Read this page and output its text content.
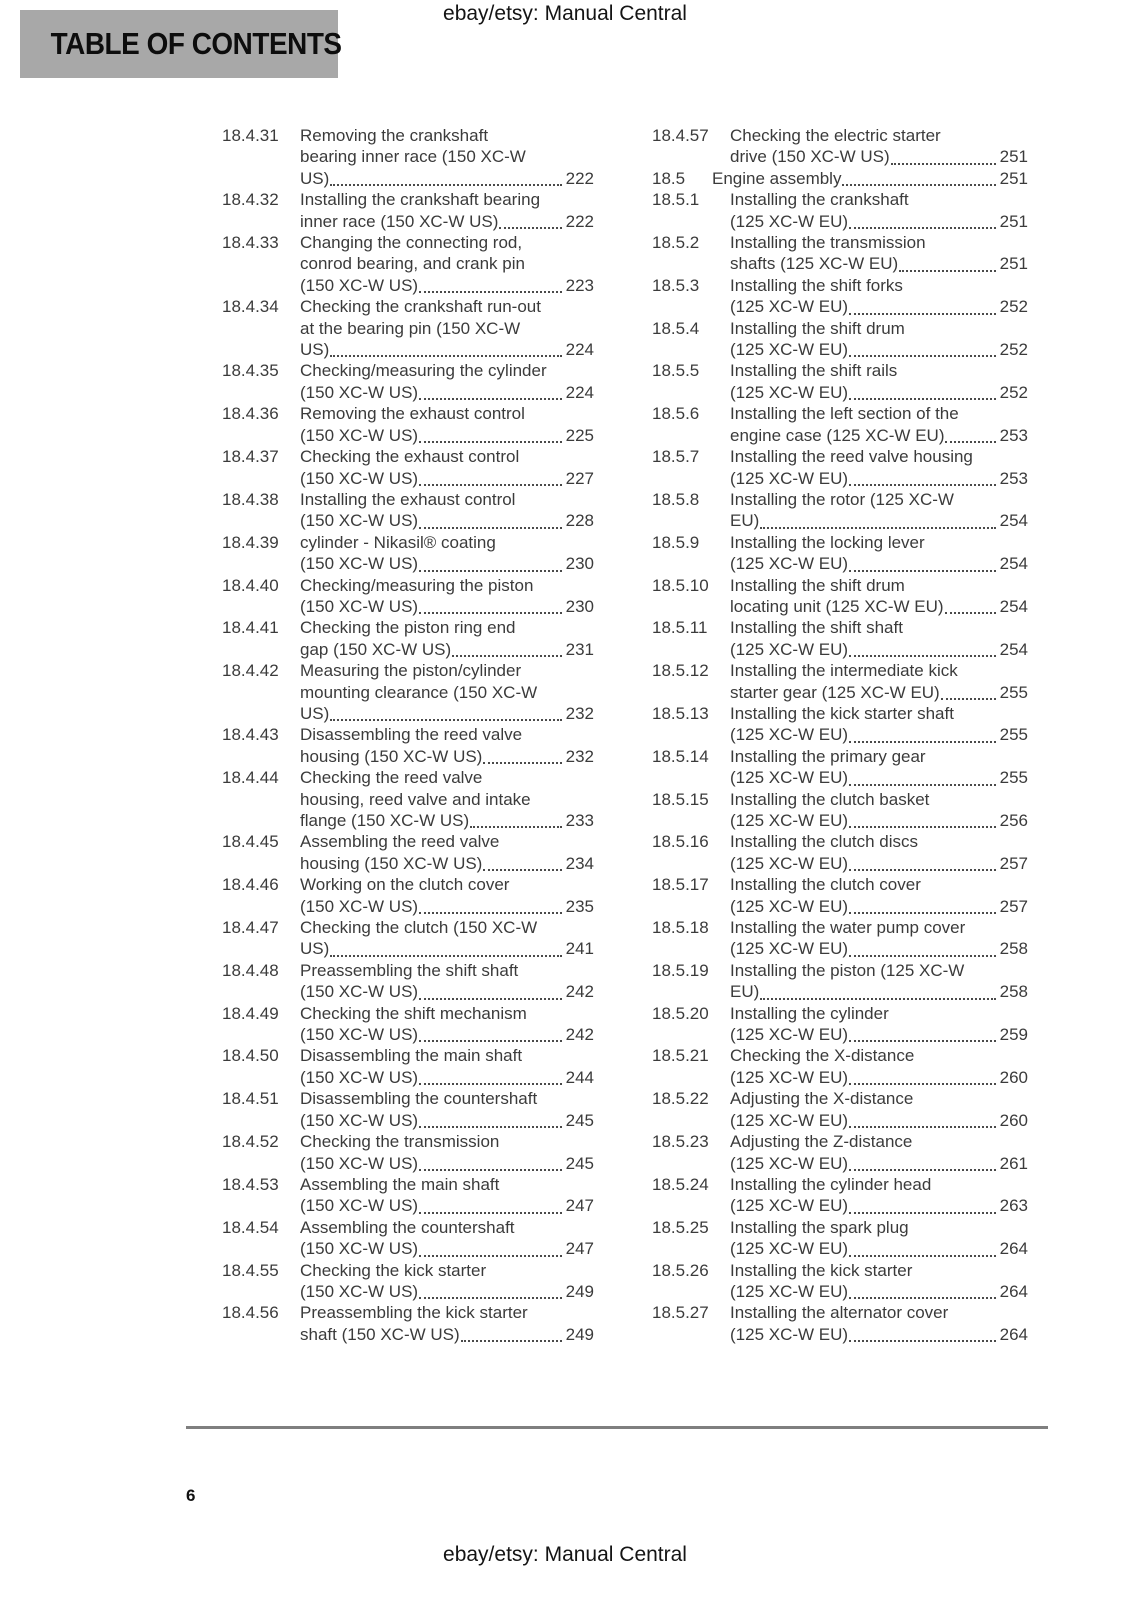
ebay/etsy: Manual Central
TABLE OF CONTENTS
18.4.31	Removing the crankshaft
bearing inner race (150 XC-W
US)	222
18.4.32	Installing the crankshaft bearing
inner race (150 XC-W US)	222
18.4.33	Changing the connecting rod,
conrod bearing, and crank pin
(150 XC-W US)	223
18.4.34	Checking the crankshaft run-out
at the bearing pin (150 XC-W
US)	224
18.4.35	Checking/measuring the cylinder
(150 XC-W US)	224
18.4.36	Removing the exhaust control
(150 XC-W US)	225
18.4.37	Checking the exhaust control
(150 XC-W US)	227
18.4.38	Installing the exhaust control
(150 XC-W US)	228
18.4.39	cylinder - Nikasil® coating
(150 XC-W US)	230
18.4.40	Checking/measuring the piston
(150 XC-W US)	230
18.4.41	Checking the piston ring end
gap (150 XC-W US)	231
18.4.42	Measuring the piston/cylinder
mounting clearance (150 XC-W
US)	232
18.4.43	Disassembling the reed valve
housing (150 XC-W US)	232
18.4.44	Checking the reed valve
housing, reed valve and intake
flange (150 XC-W US)	233
18.4.45	Assembling the reed valve
housing (150 XC-W US)	234
18.4.46	Working on the clutch cover
(150 XC-W US)	235
18.4.47	Checking the clutch (150 XC-W
US)	241
18.4.48	Preassembling the shift shaft
(150 XC-W US)	242
18.4.49	Checking the shift mechanism
(150 XC-W US)	242
18.4.50	Disassembling the main shaft
(150 XC-W US)	244
18.4.51	Disassembling the countershaft
(150 XC-W US)	245
18.4.52	Checking the transmission
(150 XC-W US)	245
18.4.53	Assembling the main shaft
(150 XC-W US)	247
18.4.54	Assembling the countershaft
(150 XC-W US)	247
18.4.55	Checking the kick starter
(150 XC-W US)	249
18.4.56	Preassembling the kick starter
shaft (150 XC-W US)	249
18.4.57	Checking the electric starter
drive (150 XC-W US)	251
18.5	Engine assembly	251
18.5.1	Installing the crankshaft
(125 XC-W EU)	251
18.5.2	Installing the transmission
shafts (125 XC-W EU)	251
18.5.3	Installing the shift forks
(125 XC-W EU)	252
18.5.4	Installing the shift drum
(125 XC-W EU)	252
18.5.5	Installing the shift rails
(125 XC-W EU)	252
18.5.6	Installing the left section of the
engine case (125 XC-W EU)	253
18.5.7	Installing the reed valve housing
(125 XC-W EU)	253
18.5.8	Installing the rotor (125 XC-W
EU)	254
18.5.9	Installing the locking lever
(125 XC-W EU)	254
18.5.10	Installing the shift drum
locating unit (125 XC-W EU)	254
18.5.11	Installing the shift shaft
(125 XC-W EU)	254
18.5.12	Installing the intermediate kick
starter gear (125 XC-W EU)	255
18.5.13	Installing the kick starter shaft
(125 XC-W EU)	255
18.5.14	Installing the primary gear
(125 XC-W EU)	255
18.5.15	Installing the clutch basket
(125 XC-W EU)	256
18.5.16	Installing the clutch discs
(125 XC-W EU)	257
18.5.17	Installing the clutch cover
(125 XC-W EU)	257
18.5.18	Installing the water pump cover
(125 XC-W EU)	258
18.5.19	Installing the piston (125 XC-W
EU)	258
18.5.20	Installing the cylinder
(125 XC-W EU)	259
18.5.21	Checking the X-distance
(125 XC-W EU)	260
18.5.22	Adjusting the X-distance
(125 XC-W EU)	260
18.5.23	Adjusting the Z-distance
(125 XC-W EU)	261
18.5.24	Installing the cylinder head
(125 XC-W EU)	263
18.5.25	Installing the spark plug
(125 XC-W EU)	264
18.5.26	Installing the kick starter
(125 XC-W EU)	264
18.5.27	Installing the alternator cover
(125 XC-W EU)	264
6
ebay/etsy: Manual Central
